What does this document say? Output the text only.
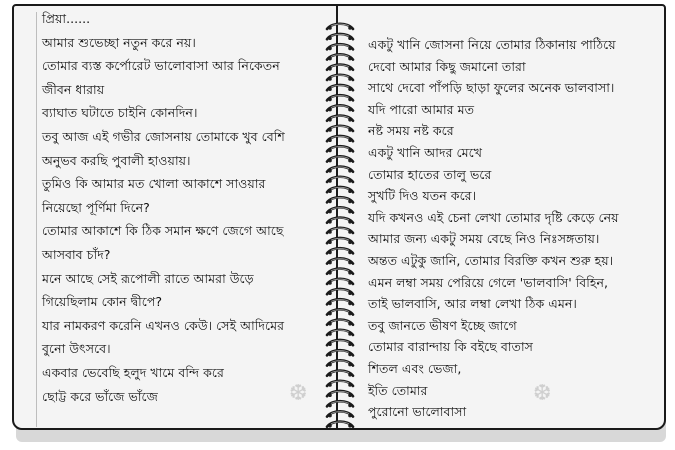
প্রিয়া......
আমার শুভেচ্ছা নতুন করে নয়।
তোমার ব্যস্ত কর্পোরেট ভালোবাসা আর নিকেতন
জীবন ধারায়
ব্যাঘাত ঘটাতে চাইনি কোনদিন।
তবু আজ এই গভীর জোসনায় তোমাকে খুব বেশি
অনুভব করছি পুবালী হাওয়ায়।
তুমিও কি আমার মত খোলা আকাশে সাওয়ার
নিয়েছো পূর্ণিমা দিনে?
তোমার আকাশে কি ঠিক সমান ক্ষণে জেগে আছে
আসবাব চাঁদ?
মনে আছে সেই রূপোলী রাতে আমরা উড়ে
গিয়েছিলাম কোন দ্বীপে?
যার নামকরণ করেনি এখনও কেউ। সেই আদিমের
বুনো উৎসবে।
একবার ভেবেছি হলুদ খামে বন্দি করে
ছোট্ট করে ভাঁজে ভাঁজে	❆
একটু খানি জোসনা নিয়ে তোমার ঠিকানায় পাঠিয়ে
দেবো আমার কিছু জমানো তারা
সাথে দেবো পাঁপড়ি ছাড়া ফুলের অনেক ভালবাসা।
যদি পারো আমার মত
নষ্ট সময় নষ্ট করে
একটু খানি আদর মেখে
তোমার হাতের তালু ভরে
সুখটি দিও যতন করে।
যদি কখনও এই চেনা লেখা তোমার দৃষ্টি কেড়ে নেয়
আমার জন্য একটু সময় বেছে নিও নিঃসঙ্গতায়।
অন্তত এটুকু জানি, তোমার বিরক্তি কখন শুরু হয়।
এমন লম্বা সময় পেরিয়ে গেলে 'ভালবাসি' বিহিন,
তাই ভালবাসি, আর লম্বা লেখা ঠিক এমন।
তবু জানতে ভীষণ ইচ্ছে জাগে
তোমার বারান্দায় কি বইছে বাতাস
শিতল এবং ভেজা,
ইতি তোমার
পুরোনো ভালোবাসা
❆
